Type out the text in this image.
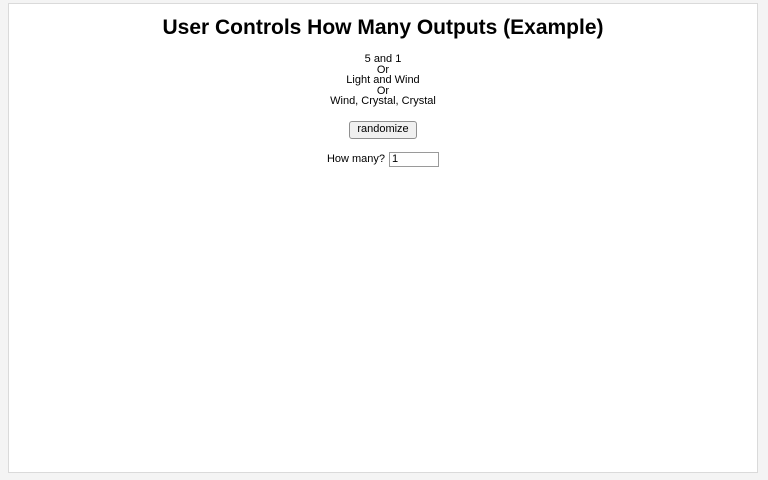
User Controls How Many Outputs (Example)
5 and 1
Or
Light and Wind
Or
Wind, Crystal, Crystal
randomize
How many?
1
